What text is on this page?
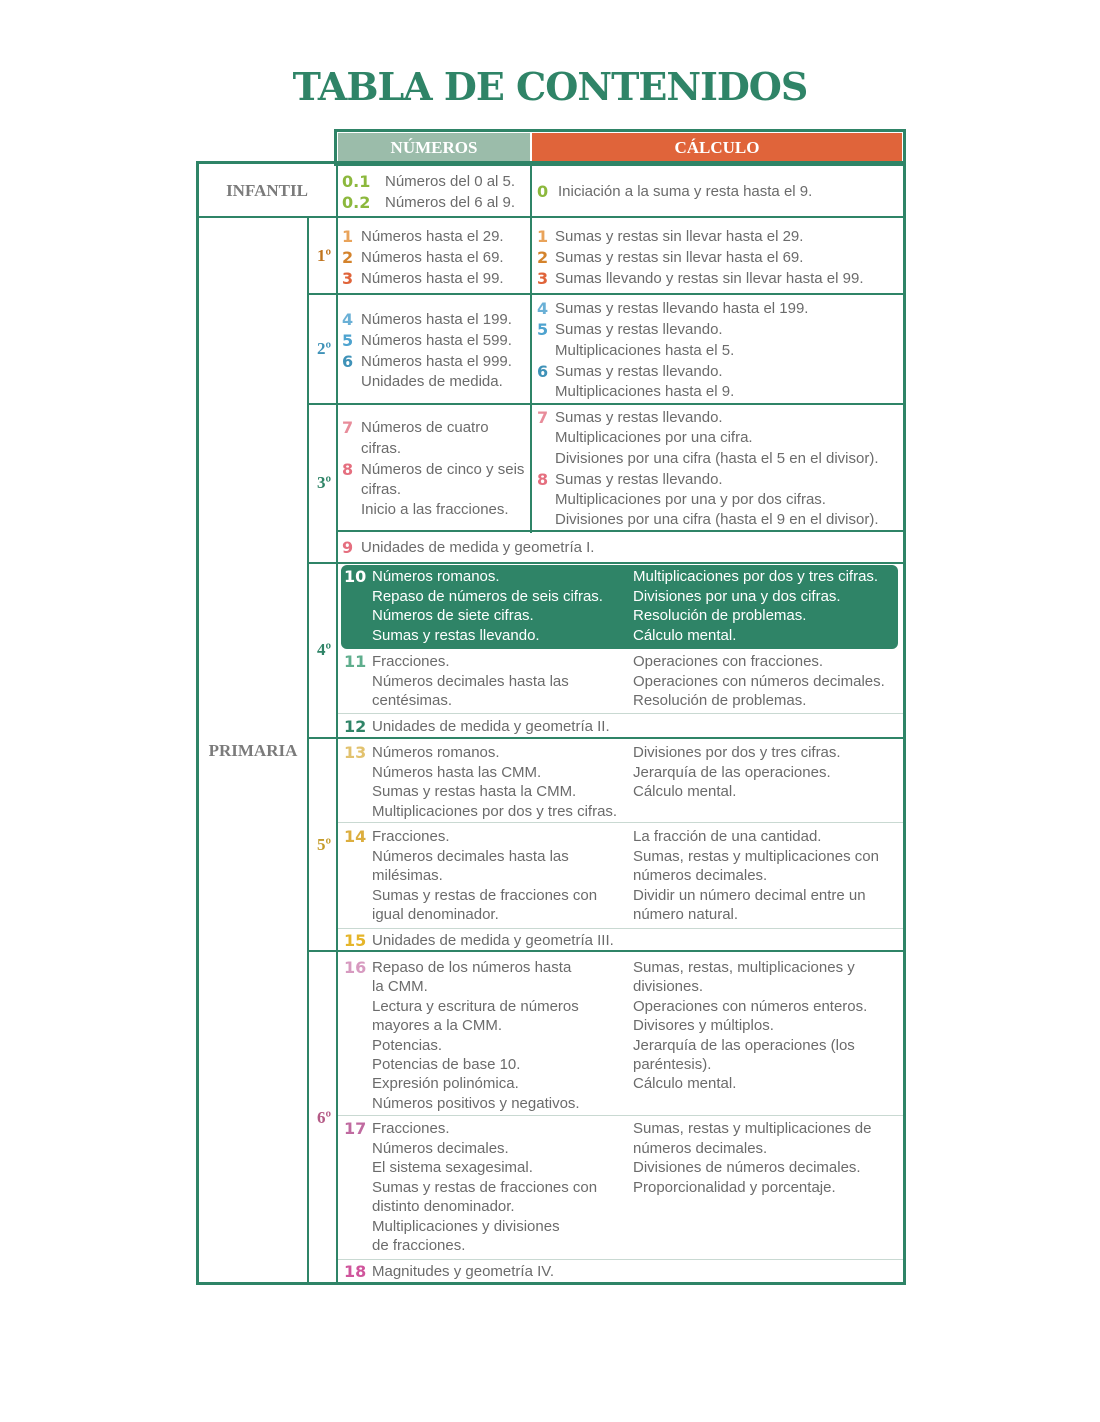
TABLA DE CONTENIDOS
NÚMEROS	CÁLCULO
INFANTIL
PRIMARIA
1º
2º
3º
4º
5º
6º
0.1
0.2
Números del 0 al 5.
Números del 6 al 9.
0 Iniciación a la suma y resta hasta el 9.
1
2
3
Números hasta el 29.
Números hasta el 69.
Números hasta el 99.
1
2
3
Sumas y restas sin llevar hasta el 29.
Sumas y restas sin llevar hasta el 69.
Sumas llevando y restas sin llevar hasta el 99.
4
5
6
Números hasta el 199.
Números hasta el 599.
Números hasta el 999.
Unidades de medida.
4
5
6
Sumas y restas llevando hasta el 199.
Sumas y restas llevando.
Multiplicaciones hasta el 5.
Sumas y restas llevando.
Multiplicaciones hasta el 9.
7
8
Números de cuatro
cifras.
Números de cinco y seis
cifras.
Inicio a las fracciones.
7
8
Sumas y restas llevando.
Multiplicaciones por una cifra.
Divisiones por una cifra (hasta el 5 en el divisor).
Sumas y restas llevando.
Multiplicaciones por una y por dos cifras.
Divisiones por una cifra (hasta el 9 en el divisor).
9 Unidades de medida y geometría I.
10 Números romanos.
Repaso de números de seis cifras.
Números de siete cifras.
Sumas y restas llevando.
Multiplicaciones por dos y tres cifras.
Divisiones por una y dos cifras.
Resolución de problemas.
Cálculo mental.
11 Fracciones.
Números decimales hasta las
centésimas.
Operaciones con fracciones.
Operaciones con números decimales.
Resolución de problemas.
12 Unidades de medida y geometría II.
13 Números romanos.
Números hasta las CMM.
Sumas y restas hasta la CMM.
Multiplicaciones por dos y tres cifras.
Divisiones por dos y tres cifras.
Jerarquía de las operaciones.
Cálculo mental.
14 Fracciones.
Números decimales hasta las
milésimas.
Sumas y restas de fracciones con
igual denominador.
La fracción de una cantidad.
Sumas, restas y multiplicaciones con
números decimales.
Dividir un número decimal entre un
número natural.
15 Unidades de medida y geometría III.
16 Repaso de los números hasta
la CMM.
Lectura y escritura de números
mayores a la CMM.
Potencias.
Potencias de base 10.
Expresión polinómica.
Números positivos y negativos.
Sumas, restas, multiplicaciones y
divisiones.
Operaciones con números enteros.
Divisores y múltiplos.
Jerarquía de las operaciones (los
paréntesis).
Cálculo mental.
17 Fracciones.
Números decimales.
El sistema sexagesimal.
Sumas y restas de fracciones con
distinto denominador.
Multiplicaciones y divisiones
de fracciones.
Sumas, restas y multiplicaciones de
números decimales.
Divisiones de números decimales.
Proporcionalidad y porcentaje.
18 Magnitudes y geometría IV.
